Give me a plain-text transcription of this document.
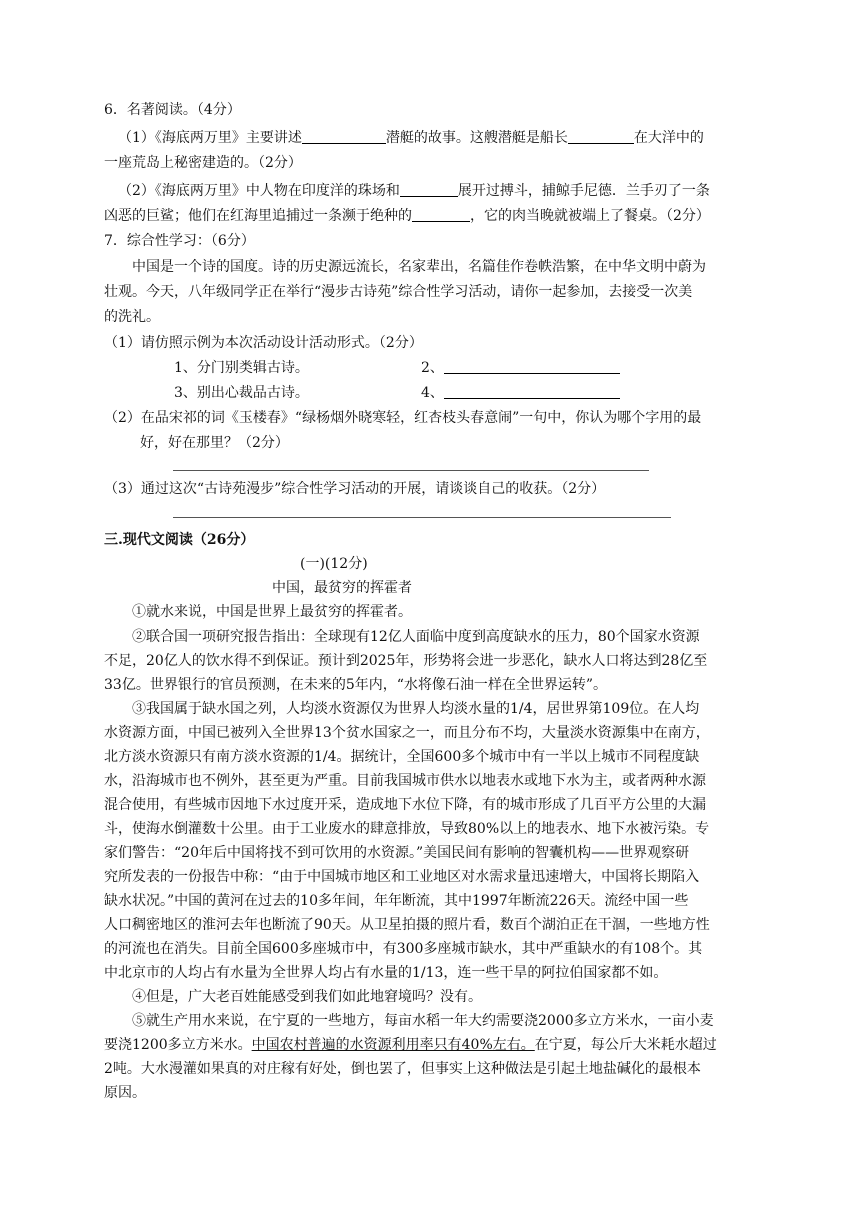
6．名著阅读。（4分）
（1）《海底两万里》主要讲述	潜艇的故事。这艘潜艇是船长	在大洋中的
一座荒岛上秘密建造的。（2分）
（2）《海底两万里》中人物在印度洋的珠场和	展开过搏斗，捕鲸手尼德．兰手刃了一条
凶恶的巨鲨；他们在红海里追捕过一条濒于绝种的	，它的肉当晚就被端上了餐桌。（2分）
7．综合性学习：（6分）
中国是一个诗的国度。诗的历史源远流长，名家辈出，名篇佳作卷帙浩繁，在中华文明中蔚为
壮观。今天，八年级同学正在举行“漫步古诗苑”综合性学习活动，请你一起参加，去接受一次美
的洗礼。
（1）请仿照示例为本次活动设计活动形式。（2分）
1、分门别类辑古诗。	2、
3、别出心裁品古诗。	4、
（2）在品宋祁的词《玉楼春》“绿杨烟外晓寒轻，红杏枝头春意闹”一句中，你认为哪个字用的最
好，好在那里？（2分）
（3）通过这次“古诗苑漫步”综合性学习活动的开展，请谈谈自己的收获。（2分）
三.现代文阅读（26分）
(一)(12分)
中国，最贫穷的挥霍者
①就水来说，中国是世界上最贫穷的挥霍者。
②联合国一项研究报告指出：全球现有12亿人面临中度到高度缺水的压力，80个国家水资源
不足，20亿人的饮水得不到保证。预计到2025年，形势将会进一步恶化，缺水人口将达到28亿至
33亿。世界银行的官员预测，在未来的5年内，“水将像石油一样在全世界运转”。
③我国属于缺水国之列，人均淡水资源仅为世界人均淡水量的1/4，居世界第109位。在人均
水资源方面，中国已被列入全世界13个贫水国家之一，而且分布不均，大量淡水资源集中在南方，
北方淡水资源只有南方淡水资源的1/4。据统计，全国600多个城市中有一半以上城市不同程度缺
水，沿海城市也不例外，甚至更为严重。目前我国城市供水以地表水或地下水为主，或者两种水源
混合使用，有些城市因地下水过度开采，造成地下水位下降，有的城市形成了几百平方公里的大漏
斗，使海水倒灌数十公里。由于工业废水的肆意排放，导致80%以上的地表水、地下水被污染。专
家们警告：“20年后中国将找不到可饮用的水资源。”美国民间有影响的智囊机构——世界观察研
究所发表的一份报告中称：“由于中国城市地区和工业地区对水需求量迅速增大，中国将长期陷入
缺水状况。”中国的黄河在过去的10多年间，年年断流，其中1997年断流226天。流经中国一些
人口稠密地区的淮河去年也断流了90天。从卫星拍摄的照片看，数百个湖泊正在干涸，一些地方性
的河流也在消失。目前全国600多座城市中，有300多座城市缺水，其中严重缺水的有108个。其
中北京市的人均占有水量为全世界人均占有水量的1/13，连一些干旱的阿拉伯国家都不如。
④但是，广大老百姓能感受到我们如此地窘境吗？没有。
⑤就生产用水来说，在宁夏的一些地方，每亩水稻一年大约需要浇2000多立方米水，一亩小麦
要浇1200多立方米水。中国农村普遍的水资源利用率只有40%左右。在宁夏，每公斤大米耗水超过
2吨。大水漫灌如果真的对庄稼有好处，倒也罢了，但事实上这种做法是引起土地盐碱化的最根本
原因。
